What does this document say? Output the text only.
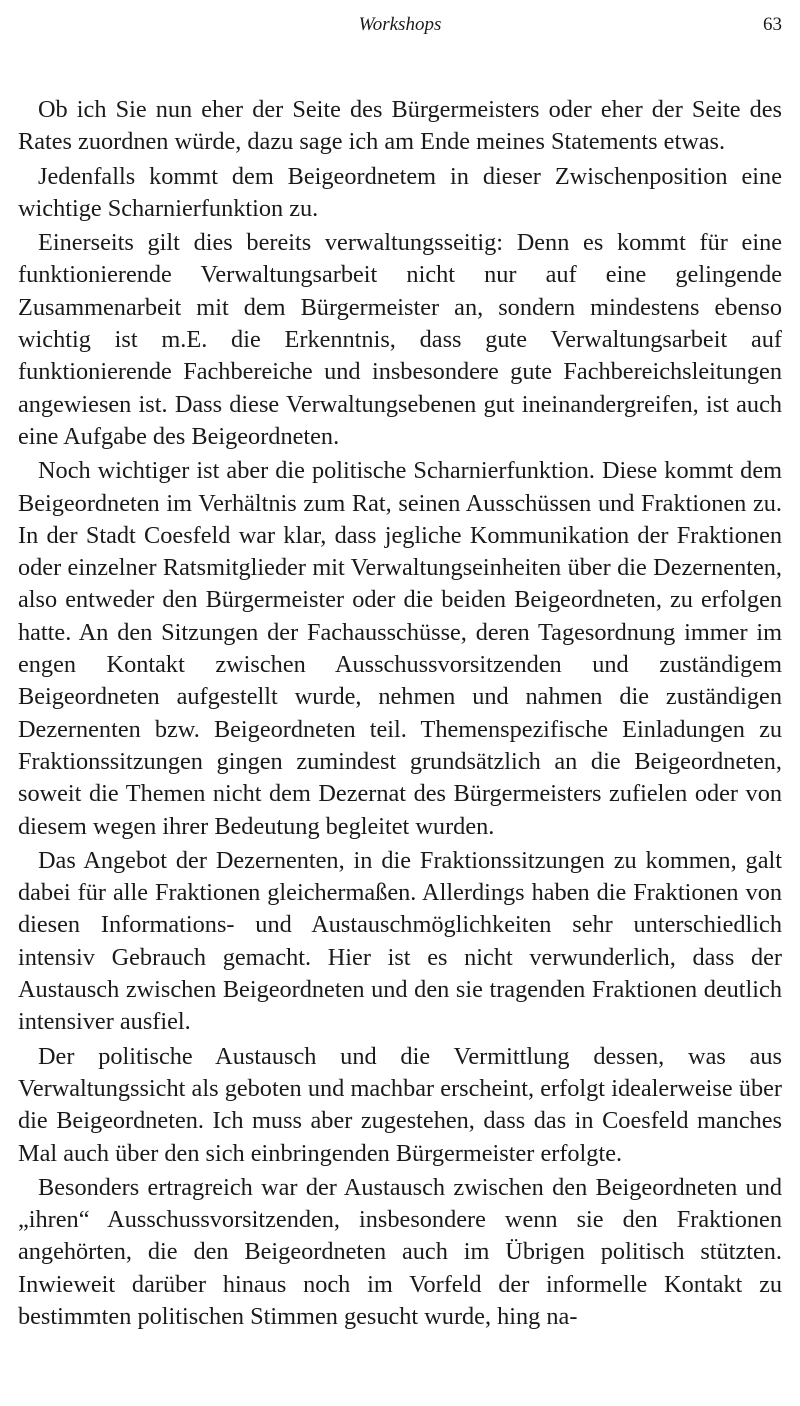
Workshops	63

Ob ich Sie nun eher der Seite des Bürgermeisters oder eher der Seite des Rates zuordnen würde, dazu sage ich am Ende meines Statements etwas.

Jedenfalls kommt dem Beigeordnetem in dieser Zwischenposition eine wichtige Scharnierfunktion zu.

Einerseits gilt dies bereits verwaltungsseitig: Denn es kommt für eine funktionierende Verwaltungsarbeit nicht nur auf eine gelingende Zusammenarbeit mit dem Bürgermeister an, sondern mindestens ebenso wichtig ist m.E. die Erkenntnis, dass gute Verwaltungsarbeit auf funktionierende Fachbereiche und insbesondere gute Fachbereichsleitungen angewiesen ist. Dass diese Verwaltungsebenen gut ineinandergreifen, ist auch eine Aufgabe des Beigeordneten.

Noch wichtiger ist aber die politische Scharnierfunktion. Diese kommt dem Beigeordneten im Verhältnis zum Rat, seinen Ausschüssen und Fraktionen zu. In der Stadt Coesfeld war klar, dass jegliche Kommunikation der Fraktionen oder einzelner Ratsmitglieder mit Verwaltungseinheiten über die Dezernenten, also entweder den Bürgermeister oder die beiden Beigeordneten, zu erfolgen hatte. An den Sitzungen der Fachausschüsse, deren Tagesordnung immer im engen Kontakt zwischen Ausschussvorsitzenden und zuständigem Beigeordneten aufgestellt wurde, nehmen und nahmen die zuständigen Dezernenten bzw. Beigeordneten teil. Themenspezifische Einladungen zu Fraktionssitzungen gingen zumindest grundsätzlich an die Beigeordneten, soweit die Themen nicht dem Dezernat des Bürgermeisters zufielen oder von diesem wegen ihrer Bedeutung begleitet wurden.

Das Angebot der Dezernenten, in die Fraktionssitzungen zu kommen, galt dabei für alle Fraktionen gleichermaßen. Allerdings haben die Fraktionen von diesen Informations- und Austauschmöglichkeiten sehr unterschiedlich intensiv Gebrauch gemacht. Hier ist es nicht verwunderlich, dass der Austausch zwischen Beigeordneten und den sie tragenden Fraktionen deutlich intensiver ausfiel.

Der politische Austausch und die Vermittlung dessen, was aus Verwaltungssicht als geboten und machbar erscheint, erfolgt idealerweise über die Beigeordneten. Ich muss aber zugestehen, dass das in Coesfeld manches Mal auch über den sich einbringenden Bürgermeister erfolgte.

Besonders ertragreich war der Austausch zwischen den Beigeordneten und „ihren“ Ausschussvorsitzenden, insbesondere wenn sie den Fraktionen angehörten, die den Beigeordneten auch im Übrigen politisch stützten. Inwieweit darüber hinaus noch im Vorfeld der informelle Kontakt zu bestimmten politischen Stimmen gesucht wurde, hing na-
